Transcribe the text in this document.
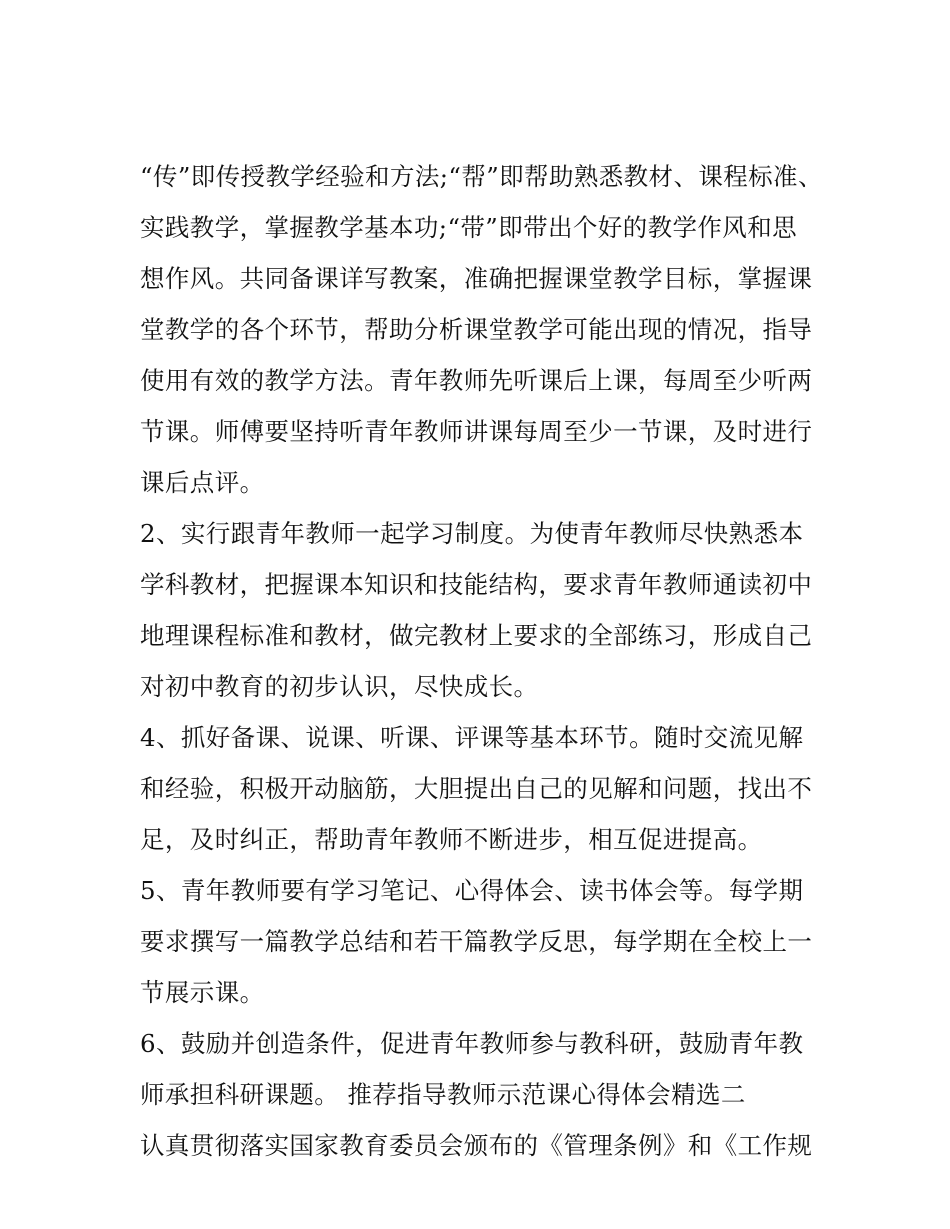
“传”即传授教学经验和方法;“帮”即帮助熟悉教材、课程标准、
实践教学，掌握教学基本功;“带”即带出个好的教学作风和思
想作风。共同备课详写教案，准确把握课堂教学目标，掌握课
堂教学的各个环节，帮助分析课堂教学可能出现的情况，指导
使用有效的教学方法。青年教师先听课后上课，每周至少听两
节课。师傅要坚持听青年教师讲课每周至少一节课，及时进行
课后点评。
2、实行跟青年教师一起学习制度。为使青年教师尽快熟悉本
学科教材，把握课本知识和技能结构，要求青年教师通读初中
地理课程标准和教材，做完教材上要求的全部练习，形成自己
对初中教育的初步认识，尽快成长。
4、抓好备课、说课、听课、评课等基本环节。随时交流见解
和经验，积极开动脑筋，大胆提出自己的见解和问题，找出不
足，及时纠正，帮助青年教师不断进步，相互促进提高。
5、青年教师要有学习笔记、心得体会、读书体会等。每学期
要求撰写一篇教学总结和若干篇教学反思，每学期在全校上一
节展示课。
6、鼓励并创造条件，促进青年教师参与教科研，鼓励青年教
师承担科研课题。 推荐指导教师示范课心得体会精选二
认真贯彻落实国家教育委员会颁布的《管理条例》和《工作规
